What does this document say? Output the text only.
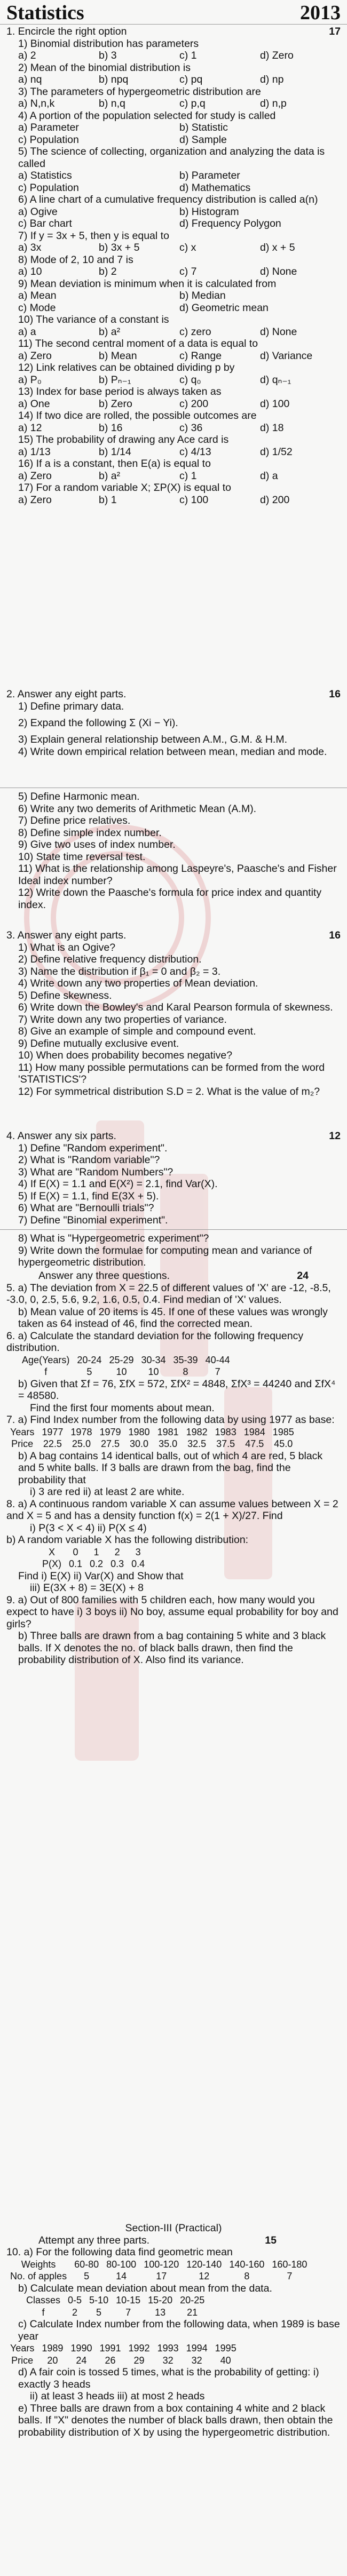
Statistics	2013
1. Encircle the right option	17
1) Binomial distribution has parameters
a) 2	b) 3	c) 1	d) Zero
2) Mean of the binomial distribution is
a) nq	b) npq	c) pq	d) np
3) The parameters of hypergeometric distribution are
a) N,n,k	b) n,q	c) p,q	d) n,p
4) A portion of the population selected for study is called
a) Parameter	b) Statistic
c) Population	d) Sample
5) The science of collecting, organization and analyzing the data is called
a) Statistics	b) Parameter
c) Population	d) Mathematics
6) A line chart of a cumulative frequency distribution is called a(n)
a) Ogive	b) Histogram
c) Bar chart	d) Frequency Polygon
7) If y = 3x + 5, then y is equal to
a) 3x	b) 3x + 5	c) x	d) x + 5
8) Mode of 2, 10 and 7 is
a) 10	b) 2	c) 7	d) None
9) Mean deviation is minimum when it is calculated from
a) Mean	b) Median
c) Mode	d) Geometric mean
10) The variance of a constant is
a) a	b) a²	c) zero	d) None
11) The second central moment of a data is equal to
a) Zero	b) Mean	c) Range	d) Variance
12) Link relatives can be obtained dividing p by
a) P₀	b) Pₙ₋₁	c) q₀	d) qₙ₋₁
13) Index for base period is always taken as
a) One	b) Zero	c) 200	d) 100
14) If two dice are rolled, the possible outcomes are
a) 12	b) 16	c) 36	d) 18
15) The probability of drawing any Ace card is
a) 1/13	b) 1/14	c) 4/13	d) 1/52
16) If a is a constant, then E(a) is equal to
a) Zero	b) a²	c) 1	d) a
17) For a random variable X; ΣP(X) is equal to
a) Zero	b) 1	c) 100	d) 200
2. Answer any eight parts.	16
1) Define primary data.
2) Expand the following Σ (Xi − Yi).
3) Explain general relationship between A.M., G.M. & H.M.
4) Write down empirical relation between mean, median and mode.
5) Define Harmonic mean.
6) Write any two demerits of Arithmetic Mean (A.M).
7) Define price relatives.
8) Define simple index number.
9) Give two uses of index number.
10) State time reversal test.
11) What is the relationship among Laspeyre's, Paasche's and Fisher Ideal index number?
12) Write down the Paasche's formula for price index and quantity index.
3. Answer any eight parts.	16
1) What is an Ogive?
2) Define relative frequency distribution.
3) Name the distribution if β₁ = 0 and β₂ = 3.
4) Write down any two properties of Mean deviation.
5) Define skewness.
6) Write down the Bowley's and Karal Pearson formula of skewness.
7) Write down any two properties of variance.
8) Give an example of simple and compound event.
9) Define mutually exclusive event.
10) When does probability becomes negative?
11) How many possible permutations can be formed from the word 'STATISTICS'?
12) For symmetrical distribution S.D = 2. What is the value of m₂?
4. Answer any six parts.	12
1) Define "Random experiment".
2) What is "Random variable"?
3) What are "Random Numbers"?
4) If E(X) = 1.1 and E(X²) = 2.1, find Var(X).
5) If E(X) = 1.1, find E(3X + 5).
6) What are "Bernoulli trials"?
7) Define "Binomial experiment".
8) What is "Hypergeometric experiment"?
9) Write down the formulae for computing mean and variance of hypergeometric distribution.
Answer any three questions.	24
5. a) The deviation from X = 22.5 of different values of 'X' are -12, -8.5, -3.0, 0, 2.5, 5.6, 9.2, 1.6, 0.5, 0.4. Find median of 'X' values.
b) Mean value of 20 items is 45. If one of these values was wrongly taken as 64 instead of 46, find the corrected mean.
6. a) Calculate the standard deviation for the following frequency distribution.
Age(Years)	20-24	25-29	30-34	35-39	40-44
f	5	10	10	8	7
b) Given that Σf = 76, ΣfX = 572, ΣfX² = 4848, ΣfX³ = 44240 and ΣfX⁴ = 48580.
Find the first four moments about mean.
7. a) Find Index number from the following data by using 1977 as base:
Years	1977	1978	1979	1980	1981	1982	1983	1984	1985
Price	22.5	25.0	27.5	30.0	35.0	32.5	37.5	47.5	45.0
b) A bag contains 14 identical balls, out of which 4 are red, 5 black and 5 white balls. If 3 balls are drawn from the bag, find the probability that
i) 3 are red ii) at least 2 are white.
8. a) A continuous random variable X can assume values between X = 2 and X = 5 and has a density function f(x) = 2(1 + X)/27. Find
i) P(3 < X < 4) ii) P(X ≤ 4)
b) A random variable X has the following distribution:
X	0	1	2	3
P(X)	0.1	0.2	0.3	0.4
Find i) E(X) ii) Var(X) and Show that
iii) E(3X + 8) = 3E(X) + 8
9. a) Out of 800 families with 5 children each, how many would you expect to have i) 3 boys ii) No boy, assume equal probability for boy and girls?
b) Three balls are drawn from a bag containing 5 white and 3 black balls. If X denotes the no. of black balls drawn, then find the probability distribution of X. Also find its variance.
Section-III (Practical)
Attempt any three parts.	15
10. a) For the following data find geometric mean
Weights	60-80	80-100	100-120	120-140	140-160	160-180
No. of apples	5	14	17	12	8	7
b) Calculate mean deviation about mean from the data.
Classes	0-5	5-10	10-15	15-20	20-25
f	2	5	7	13	21
c) Calculate Index number from the following data, when 1989 is base year
Years	1989	1990	1991	1992	1993	1994	1995
Price	20	24	26	29	32	32	40
d) A fair coin is tossed 5 times, what is the probability of getting: i) exactly 3 heads
ii) at least 3 heads iii) at most 2 heads
e) Three balls are drawn from a box containing 4 white and 2 black balls. If "X" denotes the number of black balls drawn, then obtain the probability distribution of X by using the hypergeometric distribution.
